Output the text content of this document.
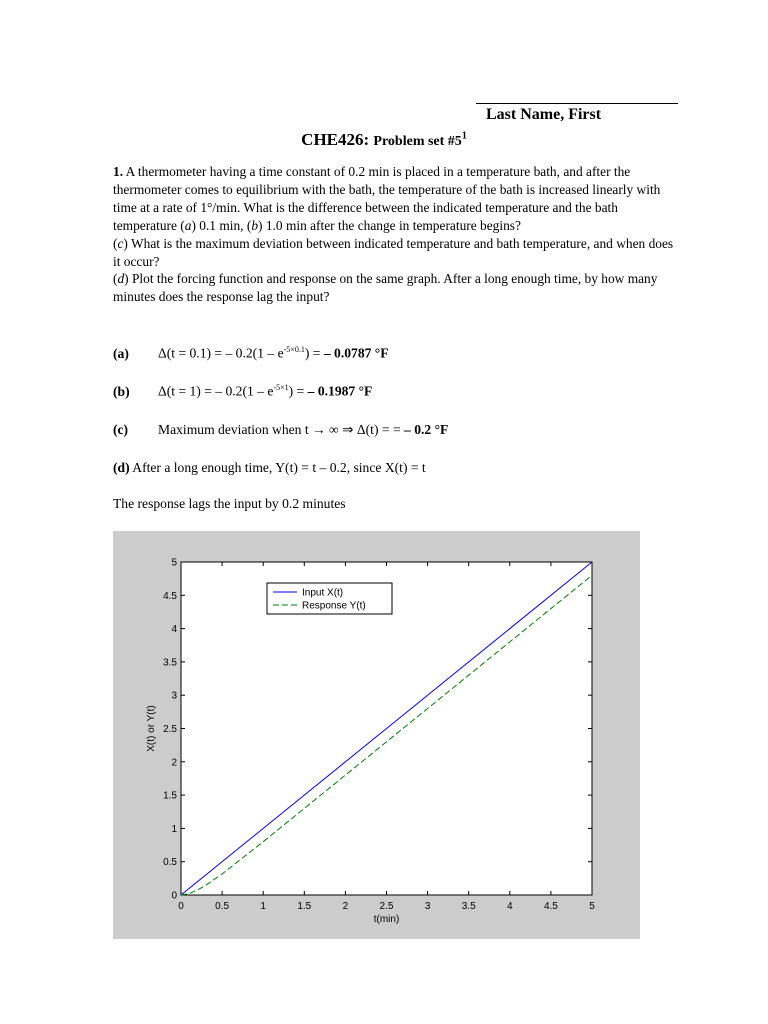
Last Name, First
CHE426: Problem set $\#5^1$

1. A thermometer having a time constant of 0.2 min is placed in a temperature bath, and after the thermometer comes to equilibrium with the bath, the temperature of the bath is increased linearly with time at a rate of 1°/min. What is the difference between the indicated temperature and the bath temperature (a) 0.1 min, (b) 1.0 min after the change in temperature begins?

(c) What is the maximum deviation between indicated temperature and bath temperature, and when does it occur?

(d) Plot the forcing function and response on the same graph. After a long enough time, by how many minutes does the response lag the input?

(a) Δ(t = 0.1) = – $0.2(1 - e^{-5\times 0.1})$ = – 0.0787 °F
(b) Δ(t = 1) = – $0.2(1 - e^{-5\times 1})$ = – 0.1987 °F
(c) Maximum deviation when t → ∞ ⇒ Δ(t) = = – 0.2 °F
(d) After a long enough time, Y(t) = t – 0.2, since X(t) = t
The response lags the input by 0.2 minutes
0	0.5	1	1.5	2	2.5	3	3.5	4	4.5	5
0
0.5
1
1.5
2
2.5
3
3.5
4
4.5
5
t(min)
X(t) or Y(t)
Input X(t)
Response Y(t)
